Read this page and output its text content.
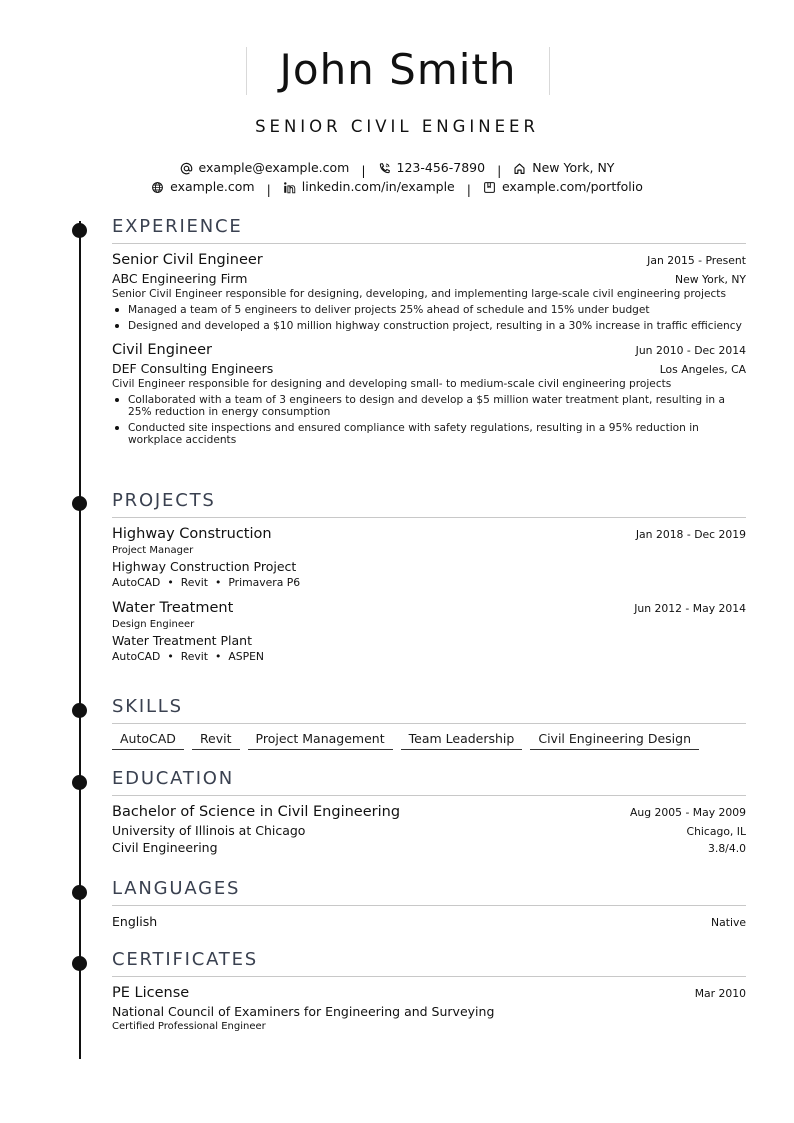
John Smith
SENIOR CIVIL ENGINEER
example@example.com | 123-456-7890 | New York, NY
example.com | linkedin.com/in/example | example.com/portfolio
EXPERIENCE
Senior Civil Engineer	Jan 2015 - Present
ABC Engineering Firm	New York, NY
Senior Civil Engineer responsible for designing, developing, and implementing large-scale civil engineering projects
Managed a team of 5 engineers to deliver projects 25% ahead of schedule and 15% under budget
Designed and developed a $10 million highway construction project, resulting in a 30% increase in traffic efficiency
Civil Engineer	Jun 2010 - Dec 2014
DEF Consulting Engineers	Los Angeles, CA
Civil Engineer responsible for designing and developing small- to medium-scale civil engineering projects
Collaborated with a team of 3 engineers to design and develop a $5 million water treatment plant, resulting in a 25% reduction in energy consumption
Conducted site inspections and ensured compliance with safety regulations, resulting in a 95% reduction in workplace accidents
PROJECTS
Highway Construction	Jan 2018 - Dec 2019
Project Manager
Highway Construction Project
AutoCAD • Revit • Primavera P6
Water Treatment	Jun 2012 - May 2014
Design Engineer
Water Treatment Plant
AutoCAD • Revit • ASPEN
SKILLS
AutoCAD	Revit	Project Management	Team Leadership	Civil Engineering Design
EDUCATION
Bachelor of Science in Civil Engineering	Aug 2005 - May 2009
University of Illinois at Chicago	Chicago, IL
Civil Engineering	3.8/4.0
LANGUAGES
English	Native
CERTIFICATES
PE License	Mar 2010
National Council of Examiners for Engineering and Surveying
Certified Professional Engineer
